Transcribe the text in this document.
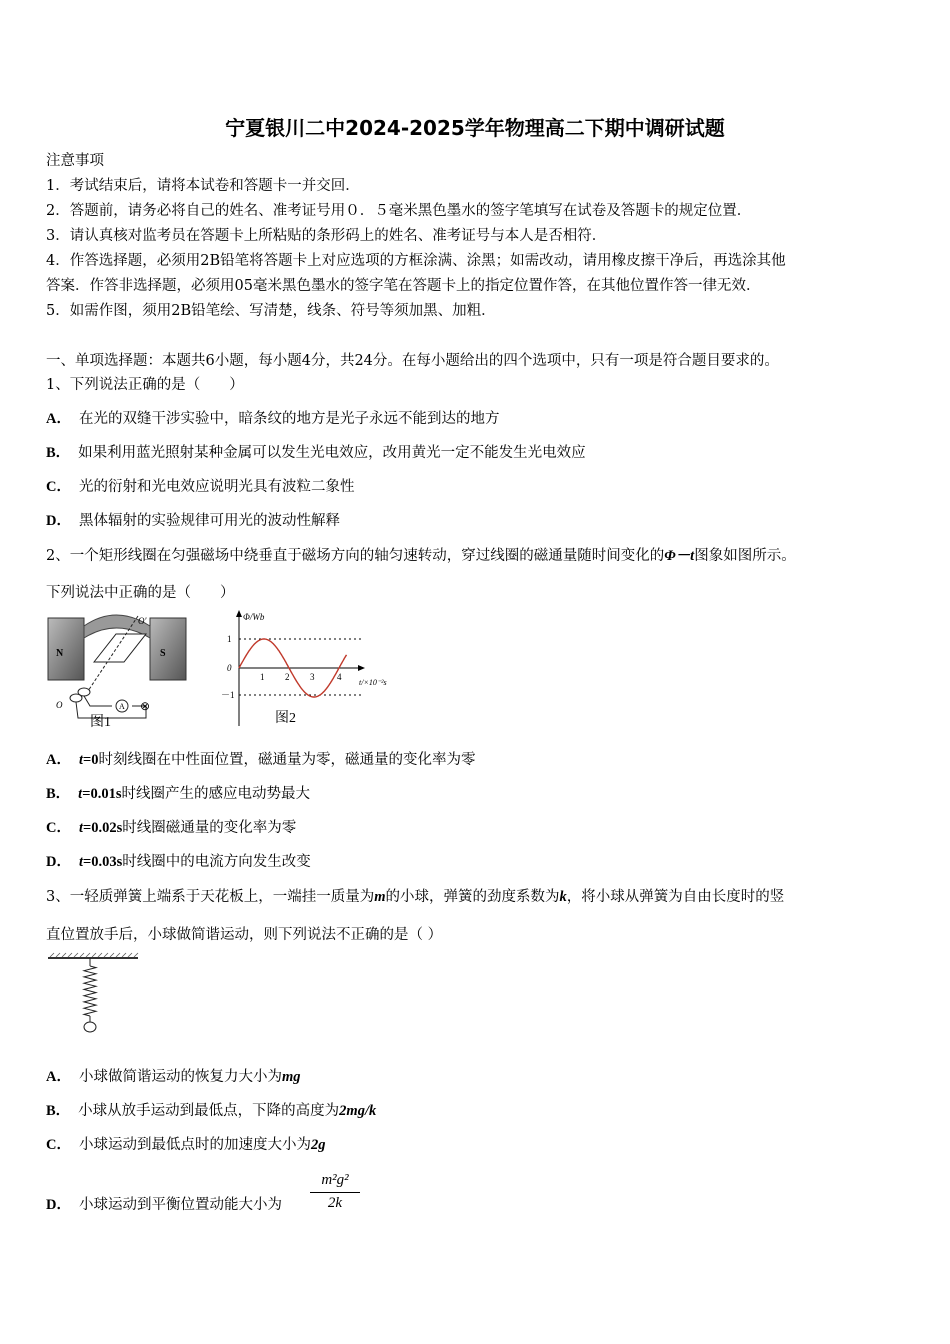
宁夏银川二中2024-2025学年物理高二下期中调研试题
注意事项
1．考试结束后，请将本试卷和答题卡一并交回．
2．答题前，请务必将自己的姓名、准考证号用０．５毫米黑色墨水的签字笔填写在试卷及答题卡的规定位置．
3．请认真核对监考员在答题卡上所粘贴的条形码上的姓名、准考证号与本人是否相符．
4．作答选择题，必须用2B铅笔将答题卡上对应选项的方框涂满、涂黑；如需改动，请用橡皮擦干净后，再选涂其他
答案．作答非选择题，必须用05毫米黑色墨水的签字笔在答题卡上的指定位置作答，在其他位置作答一律无效．
5．如需作图，须用2B铅笔绘、写清楚，线条、符号等须加黑、加粗．
一、单项选择题：本题共6小题，每小题4分，共24分。在每小题给出的四个选项中，只有一项是符合题目要求的。
1、下列说法正确的是（　　）
A． 在光的双缝干涉实验中，暗条纹的地方是光子永远不能到达的地方
B． 如果利用蓝光照射某种金属可以发生光电效应，改用黄光一定不能发生光电效应
C． 光的衍射和光电效应说明光具有波粒二象性
D． 黑体辐射的实验规律可用光的波动性解释
2、一个矩形线圈在匀强磁场中绕垂直于磁场方向的轴匀速转动，穿过线圈的磁通量随时间变化的Φ－t图象如图所示。
下列说法中正确的是（　　）
N	S
O′
O	A ⊗
图1
Φ/Wb
t/×10⁻²s
1
0
－1
1 2 3	4
图2
A． t=0时刻线圈在中性面位置，磁通量为零，磁通量的变化率为零
B． t=0.01s时线圈产生的感应电动势最大
C． t=0.02s时线圈磁通量的变化率为零
D． t=0.03s时线圈中的电流方向发生改变
3、一轻质弹簧上端系于天花板上，一端挂一质量为m的小球，弹簧的劲度系数为k，将小球从弹簧为自由长度时的竖
直位置放手后，小球做简谐运动，则下列说法不正确的是（ ）
A． 小球做简谐运动的恢复力大小为mg
B． 小球从放手运动到最低点，下降的高度为2mg/k
C． 小球运动到最低点时的加速度大小为2g
D． 小球运动到平衡位置动能大小为 $\frac{\text{m²g²}}{2k}$
